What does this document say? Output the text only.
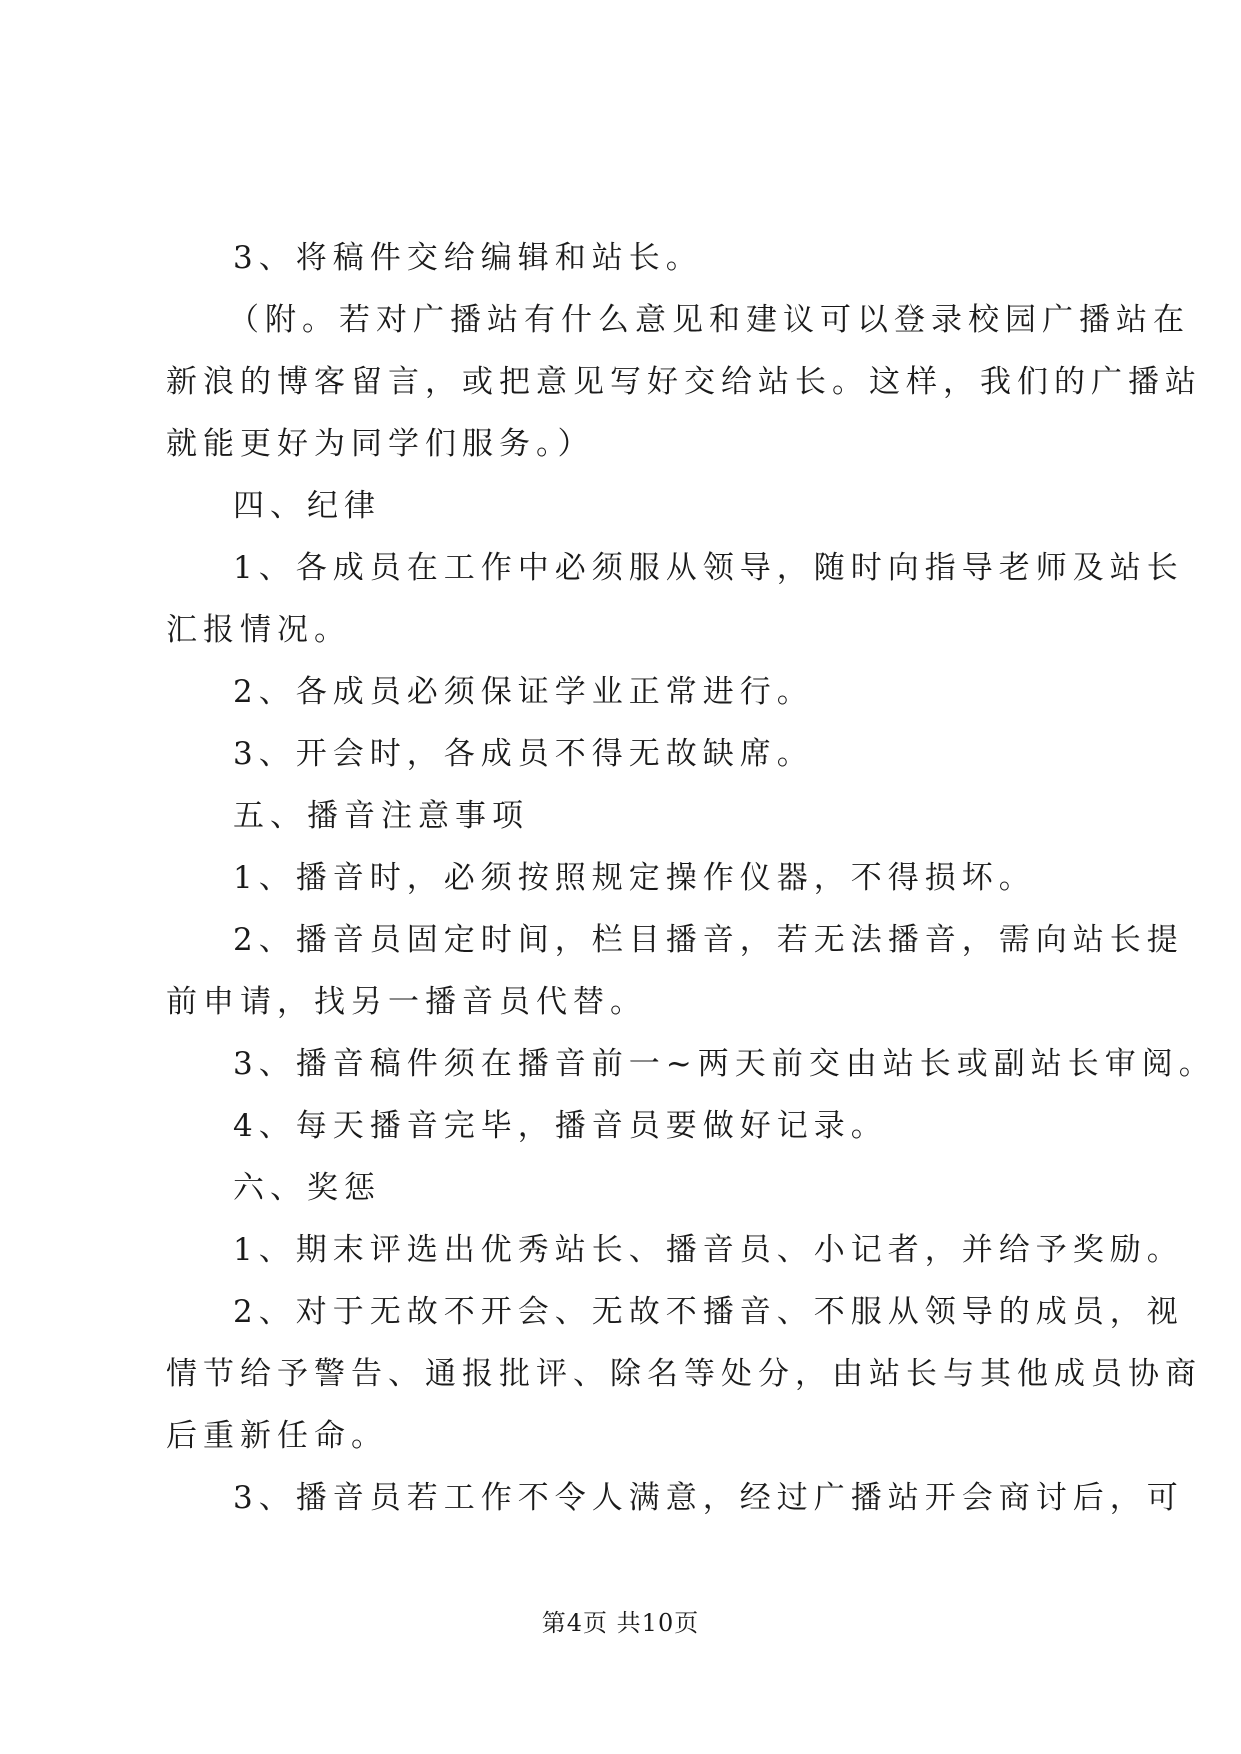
3、将稿件交给编辑和站长。
（附。若对广播站有什么意见和建议可以登录校园广播站在
新浪的博客留言，或把意见写好交给站长。这样，我们的广播站
就能更好为同学们服务。）
四、纪律
1、各成员在工作中必须服从领导，随时向指导老师及站长
汇报情况。
2、各成员必须保证学业正常进行。
3、开会时，各成员不得无故缺席。
五、播音注意事项
1、播音时，必须按照规定操作仪器，不得损坏。
2、播音员固定时间，栏目播音，若无法播音，需向站长提
前申请，找另一播音员代替。
3、播音稿件须在播音前一~两天前交由站长或副站长审阅。
4、每天播音完毕，播音员要做好记录。
六、奖惩
1、期末评选出优秀站长、播音员、小记者，并给予奖励。
2、对于无故不开会、无故不播音、不服从领导的成员，视
情节给予警告、通报批评、除名等处分，由站长与其他成员协商
后重新任命。
3、播音员若工作不令人满意，经过广播站开会商讨后，可
第4页 共10页
